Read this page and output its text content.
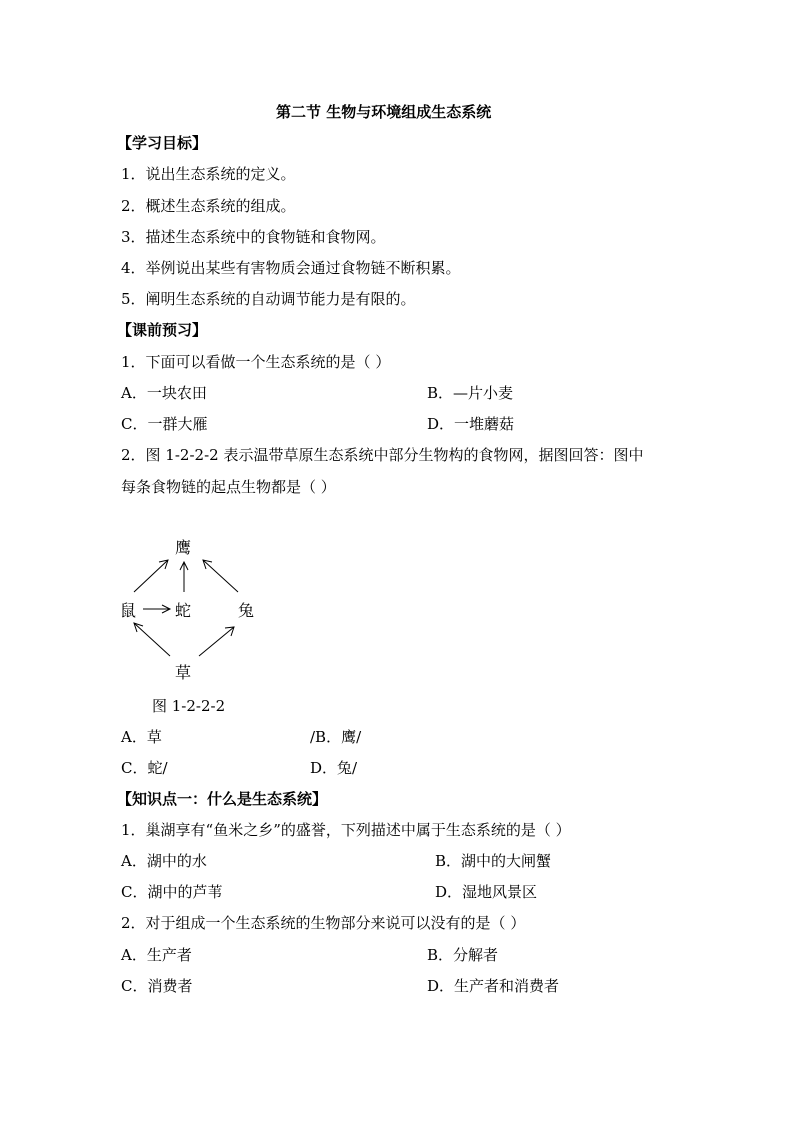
第二节 生物与环境组成生态系统
【学习目标】
1．说出生态系统的定义。
2．概述生态系统的组成。
3．描述生态系统中的食物链和食物网。
4．举例说出某些有害物质会通过食物链不断积累。
5．阐明生态系统的自动调节能力是有限的。
【课前预习】
1．下面可以看做一个生态系统的是（ ）
A．一块农田	B．—片小麦
C．一群大雁	D．一堆蘑菇
2．图 1-2-2-2 表示温带草原生态系统中部分生物构的食物网，据图回答：图中
每条食物链的起点生物都是（ ）
鹰
鼠 蛇	兔
草
图 1-2-2-2
A．草	/B．鹰/
C．蛇/	D．兔/
【知识点一：什么是生态系统】
1．巢湖享有“鱼米之乡”的盛誉，下列描述中属于生态系统的是（ ）
A．湖中的水	B．湖中的大闸蟹
C．湖中的芦苇	D．湿地风景区
2．对于组成一个生态系统的生物部分来说可以没有的是（ ）
A．生产者	B．分解者
C．消费者	D．生产者和消费者
